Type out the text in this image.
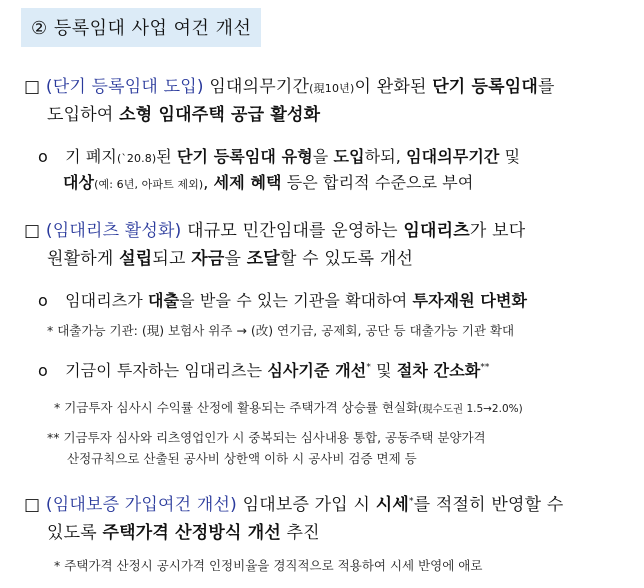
② 등록임대 사업 여건 개선
□ (단기 등록임대 도입) 임대의무기간(現10년)이 완화된 단기 등록임대를
도입하여 소형 임대주택 공급 활성화
o 기 폐지(`20.8)된 단기 등록임대 유형을 도입하되, 임대의무기간 및
대상(예: 6년, 아파트 제외), 세제 혜택 등은 합리적 수준으로 부여
□ (임대리츠 활성화) 대규모 민간임대를 운영하는 임대리츠가 보다
원활하게 설립되고 자금을 조달할 수 있도록 개선
o 임대리츠가 대출을 받을 수 있는 기관을 확대하여 투자재원 다변화
* 대출가능 기관: (現) 보험사 위주 → (改) 연기금, 공제회, 공단 등 대출가능 기관 확대
o 기금이 투자하는 임대리츠는 심사기준 개선* 및 절차 간소화**
* 기금투자 심사시 수익률 산정에 활용되는 주택가격 상승률 현실화(現수도권 1.5→2.0%)
** 기금투자 심사와 리츠영업인가 시 중복되는 심사내용 통합, 공동주택 분양가격
산정규칙으로 산출된 공사비 상한액 이하 시 공사비 검증 면제 등
□ (임대보증 가입여건 개선) 임대보증 가입 시 시세*를 적절히 반영할 수
있도록 주택가격 산정방식 개선 추진
* 주택가격 산정시 공시가격 인정비율을 경직적으로 적용하여 시세 반영에 애로
